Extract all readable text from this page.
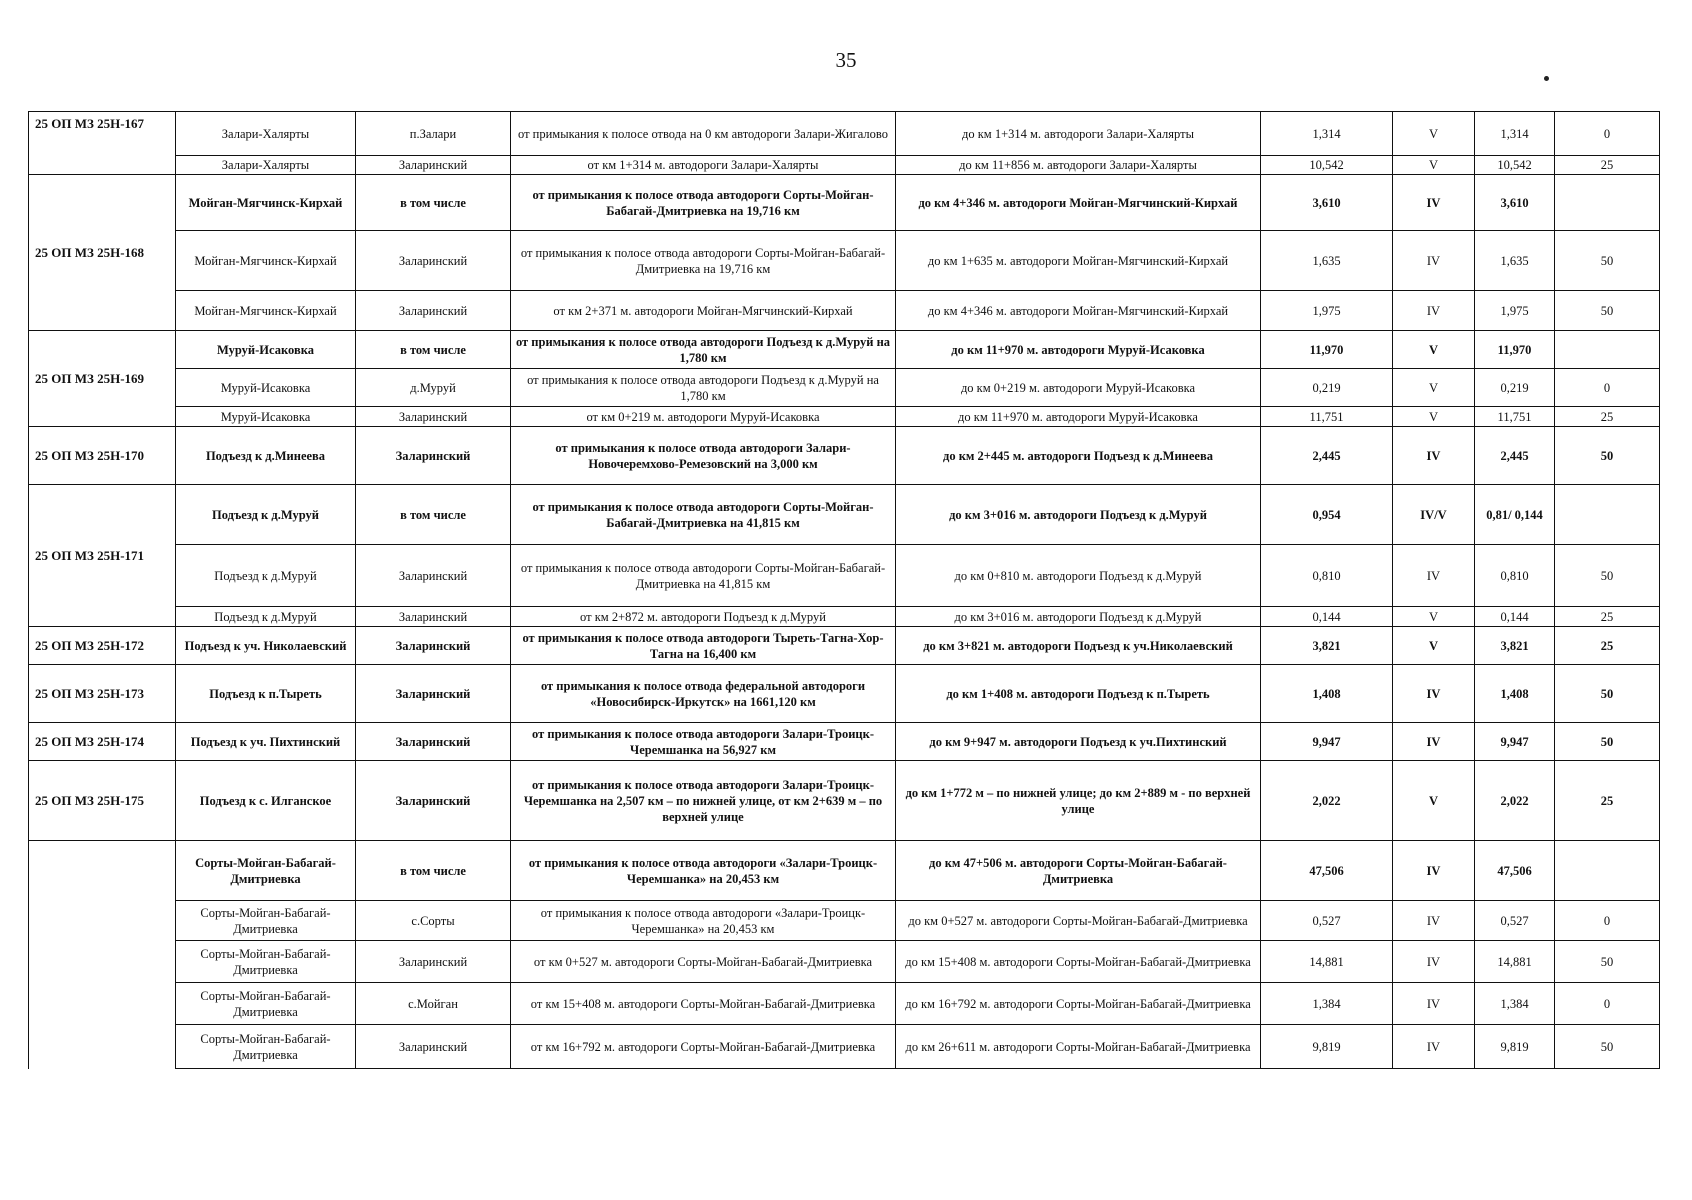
35
25 ОП МЗ 25Н-167	Залари-Халярты	п.Залари	от примыкания к полосе отвода на 0 км автодороги Залари-Жигалово	до км 1+314 м. автодороги Залари-Халярты	1,314	V	1,314	0
	Залари-Халярты	Заларинский	от км 1+314 м. автодороги Залари-Халярты	до км 11+856 м. автодороги Залари-Халярты	10,542	V	10,542	25
25 ОП МЗ 25Н-168	Мойган-Мягчинск-Кирхай	в том числе	от примыкания к полосе отвода автодороги Сорты-Мойган-Бабагай-Дмитриевка на 19,716 км	до км 4+346 м. автодороги Мойган-Мягчинский-Кирхай	3,610	IV	3,610	
	Мойган-Мягчинск-Кирхай	Заларинский	от примыкания к полосе отвода автодороги Сорты-Мойган-Бабагай-Дмитриевка на 19,716 км	до км 1+635 м. автодороги Мойган-Мягчинский-Кирхай	1,635	IV	1,635	50
	Мойган-Мягчинск-Кирхай	Заларинский	от км 2+371 м. автодороги Мойган-Мягчинский-Кирхай	до км 4+346 м. автодороги Мойган-Мягчинский-Кирхай	1,975	IV	1,975	50
25 ОП МЗ 25Н-169	Муруй-Исаковка	в том числе	от примыкания к полосе отвода автодороги Подъезд к д.Муруй на 1,780 км	до км 11+970 м. автодороги Муруй-Исаковка	11,970	V	11,970	
	Муруй-Исаковка	д.Муруй	от примыкания к полосе отвода автодороги Подъезд к д.Муруй на 1,780 км	до км 0+219 м. автодороги Муруй-Исаковка	0,219	V	0,219	0
	Муруй-Исаковка	Заларинский	от км 0+219 м. автодороги Муруй-Исаковка	до км 11+970 м. автодороги Муруй-Исаковка	11,751	V	11,751	25
25 ОП МЗ 25Н-170	Подъезд к д.Минеева	Заларинский	от примыкания к полосе отвода автодороги Залари-Новочеремхово-Ремезовский на 3,000 км	до км 2+445 м. автодороги Подъезд к д.Минеева	2,445	IV	2,445	50
25 ОП МЗ 25Н-171	Подъезд к д.Муруй	в том числе	от примыкания к полосе отвода автодороги Сорты-Мойган-Бабагай-Дмитриевка на 41,815 км	до км 3+016 м. автодороги Подъезд к д.Муруй	0,954	IV/V	0,81/ 0,144	
	Подъезд к д.Муруй	Заларинский	от примыкания к полосе отвода автодороги Сорты-Мойган-Бабагай-Дмитриевка на 41,815 км	до км 0+810 м. автодороги Подъезд к д.Муруй	0,810	IV	0,810	50
	Подъезд к д.Муруй	Заларинский	от км 2+872 м. автодороги Подъезд к д.Муруй	до км 3+016 м. автодороги Подъезд к д.Муруй	0,144	V	0,144	25
25 ОП МЗ 25Н-172	Подъезд к уч. Николаевский	Заларинский	от примыкания к полосе отвода автодороги Тыреть-Тагна-Хор-Тагна на 16,400 км	до км 3+821 м. автодороги Подъезд к уч.Николаевский	3,821	V	3,821	25
25 ОП МЗ 25Н-173	Подъезд к п.Тыреть	Заларинский	от примыкания к полосе отвода федеральной автодороги «Новосибирск-Иркутск» на 1661,120 км	до км 1+408 м. автодороги Подъезд к п.Тыреть	1,408	IV	1,408	50
25 ОП МЗ 25Н-174	Подъезд к уч. Пихтинский	Заларинский	от примыкания к полосе отвода автодороги Залари-Троицк-Черемшанка на 56,927 км	до км 9+947 м. автодороги Подъезд к уч.Пихтинский	9,947	IV	9,947	50
25 ОП МЗ 25Н-175	Подъезд к с. Илганское	Заларинский	от примыкания к полосе отвода автодороги Залари-Троицк-Черемшанка на 2,507 км – по нижней улице, от км 2+639 м – по верхней улице	до км 1+772 м – по нижней улице; до км 2+889 м - по верхней улице	2,022	V	2,022	25
	Сорты-Мойган-Бабагай-Дмитриевка	в том числе	от примыкания к полосе отвода автодороги «Залари-Троицк-Черемшанка» на 20,453 км	до км 47+506 м. автодороги Сорты-Мойган-Бабагай-Дмитриевка	47,506	IV	47,506	
	Сорты-Мойган-Бабагай-Дмитриевка	с.Сорты	от примыкания к полосе отвода автодороги «Залари-Троицк-Черемшанка» на 20,453 км	до км 0+527 м. автодороги Сорты-Мойган-Бабагай-Дмитриевка	0,527	IV	0,527	0
	Сорты-Мойган-Бабагай-Дмитриевка	Заларинский	от км 0+527 м. автодороги Сорты-Мойган-Бабагай-Дмитриевка	до км 15+408 м. автодороги Сорты-Мойган-Бабагай-Дмитриевка	14,881	IV	14,881	50
	Сорты-Мойган-Бабагай-Дмитриевка	с.Мойган	от км 15+408 м. автодороги Сорты-Мойган-Бабагай-Дмитриевка	до км 16+792 м. автодороги Сорты-Мойган-Бабагай-Дмитриевка	1,384	IV	1,384	0
	Сорты-Мойган-Бабагай-Дмитриевка	Заларинский	от км 16+792 м. автодороги Сорты-Мойган-Бабагай-Дмитриевка	до км 26+611 м. автодороги Сорты-Мойган-Бабагай-Дмитриевка	9,819	IV	9,819	50
